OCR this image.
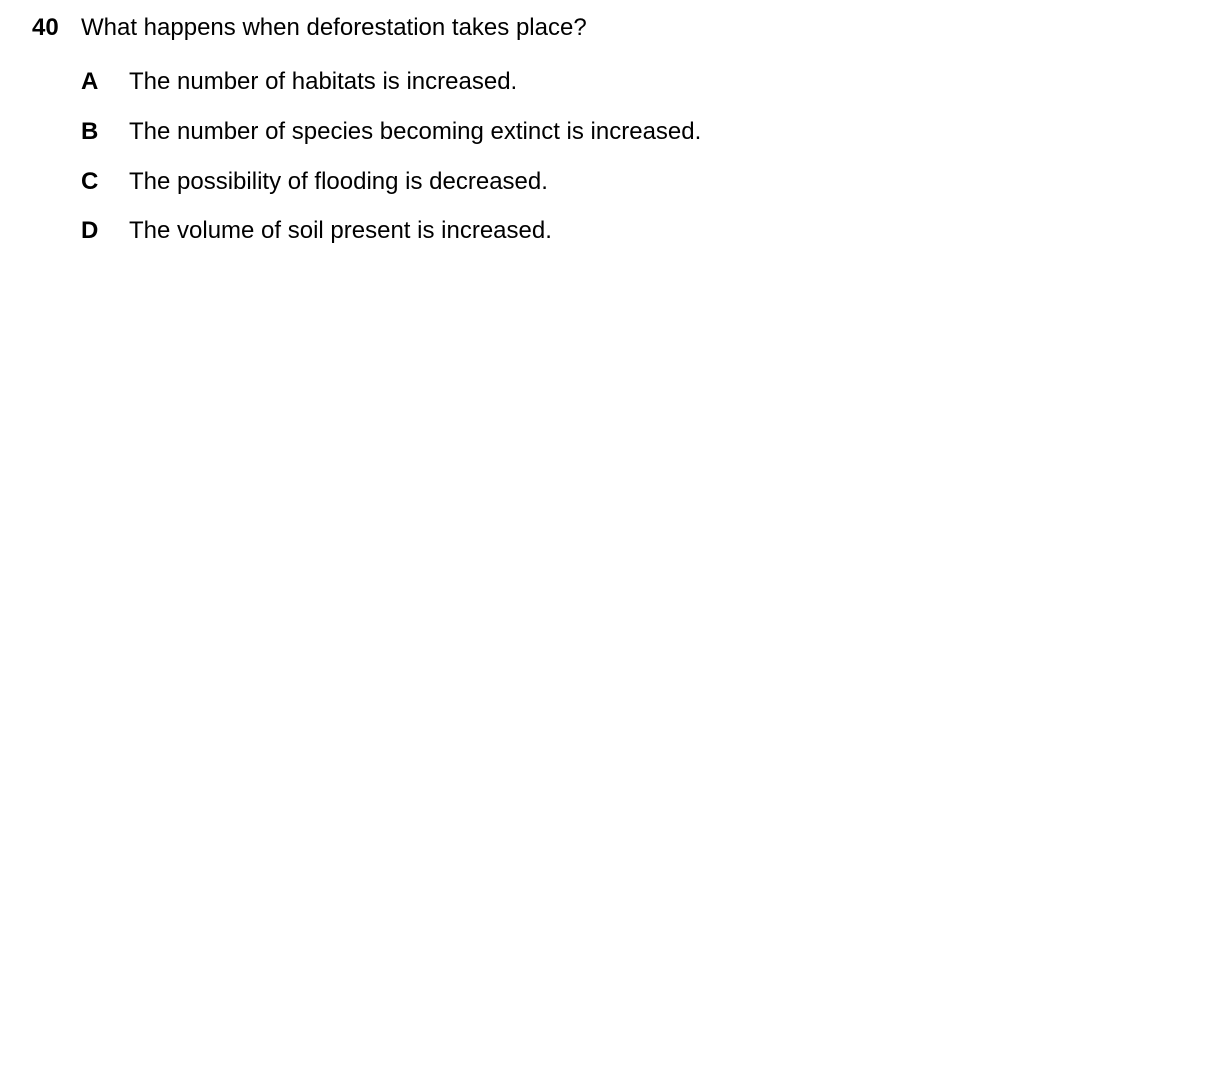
40 What happens when deforestation takes place?
A The number of habitats is increased.
B The number of species becoming extinct is increased.
C The possibility of flooding is decreased.
D The volume of soil present is increased.
